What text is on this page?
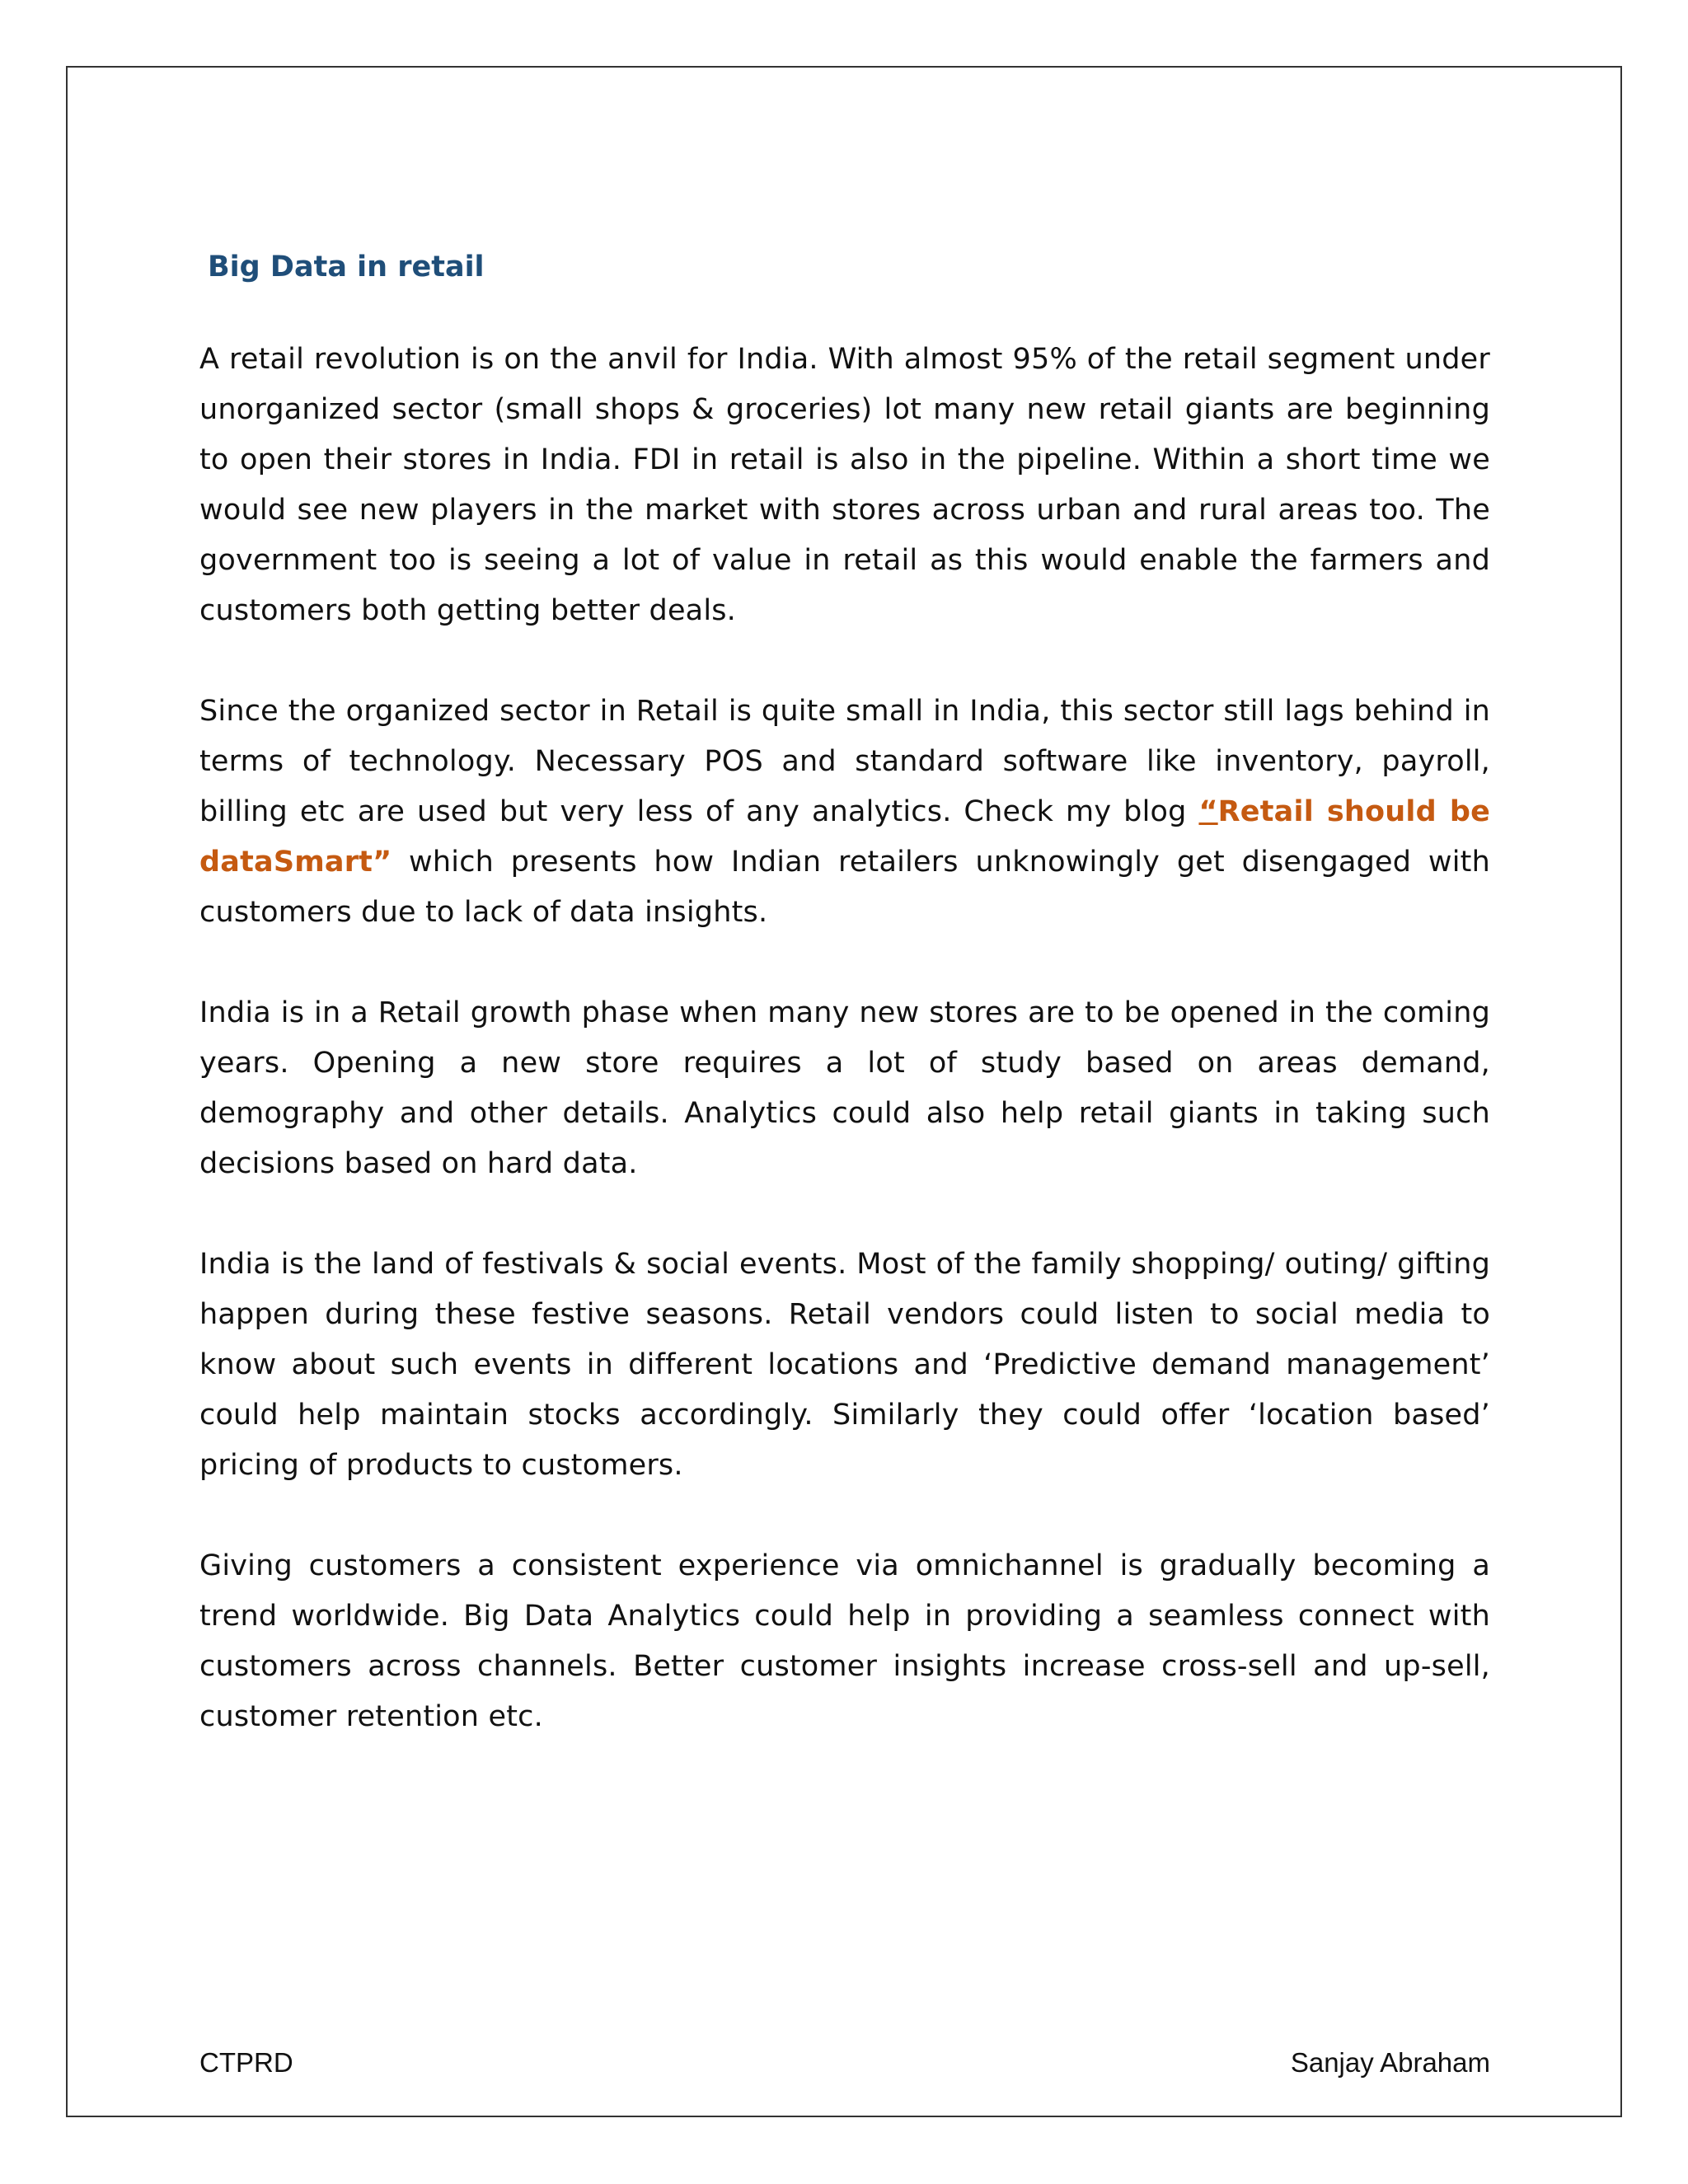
Big Data in retail

A retail revolution is on the anvil for India. With almost 95% of the retail segment under unorganized sector (small shops & groceries) lot many new retail giants are beginning to open their stores in India. FDI in retail is also in the pipeline. Within a short time we would see new players in the market with stores across urban and rural areas too. The government too is seeing a lot of value in retail as this would enable the farmers and customers both getting better deals.

Since the organized sector in Retail is quite small in India, this sector still lags behind in terms of technology. Necessary POS and standard software like inventory, payroll, billing etc are used but very less of any analytics. Check my blog “Retail should be dataSmart” which presents how Indian retailers unknowingly get disengaged with customers due to lack of data insights.

India is in a Retail growth phase when many new stores are to be opened in the coming years. Opening a new store requires a lot of study based on areas demand, demography and other details. Analytics could also help retail giants in taking such decisions based on hard data.

India is the land of festivals & social events. Most of the family shopping/ outing/ gifting happen during these festive seasons. Retail vendors could listen to social media to know about such events in different locations and ‘Predictive demand management’ could help maintain stocks accordingly. Similarly they could offer ‘location based’ pricing of products to customers.

Giving customers a consistent experience via omnichannel is gradually becoming a trend worldwide. Big Data Analytics could help in providing a seamless connect with customers across channels. Better customer insights increase cross-sell and up-sell, customer retention etc.

CTPRD	Sanjay Abraham
